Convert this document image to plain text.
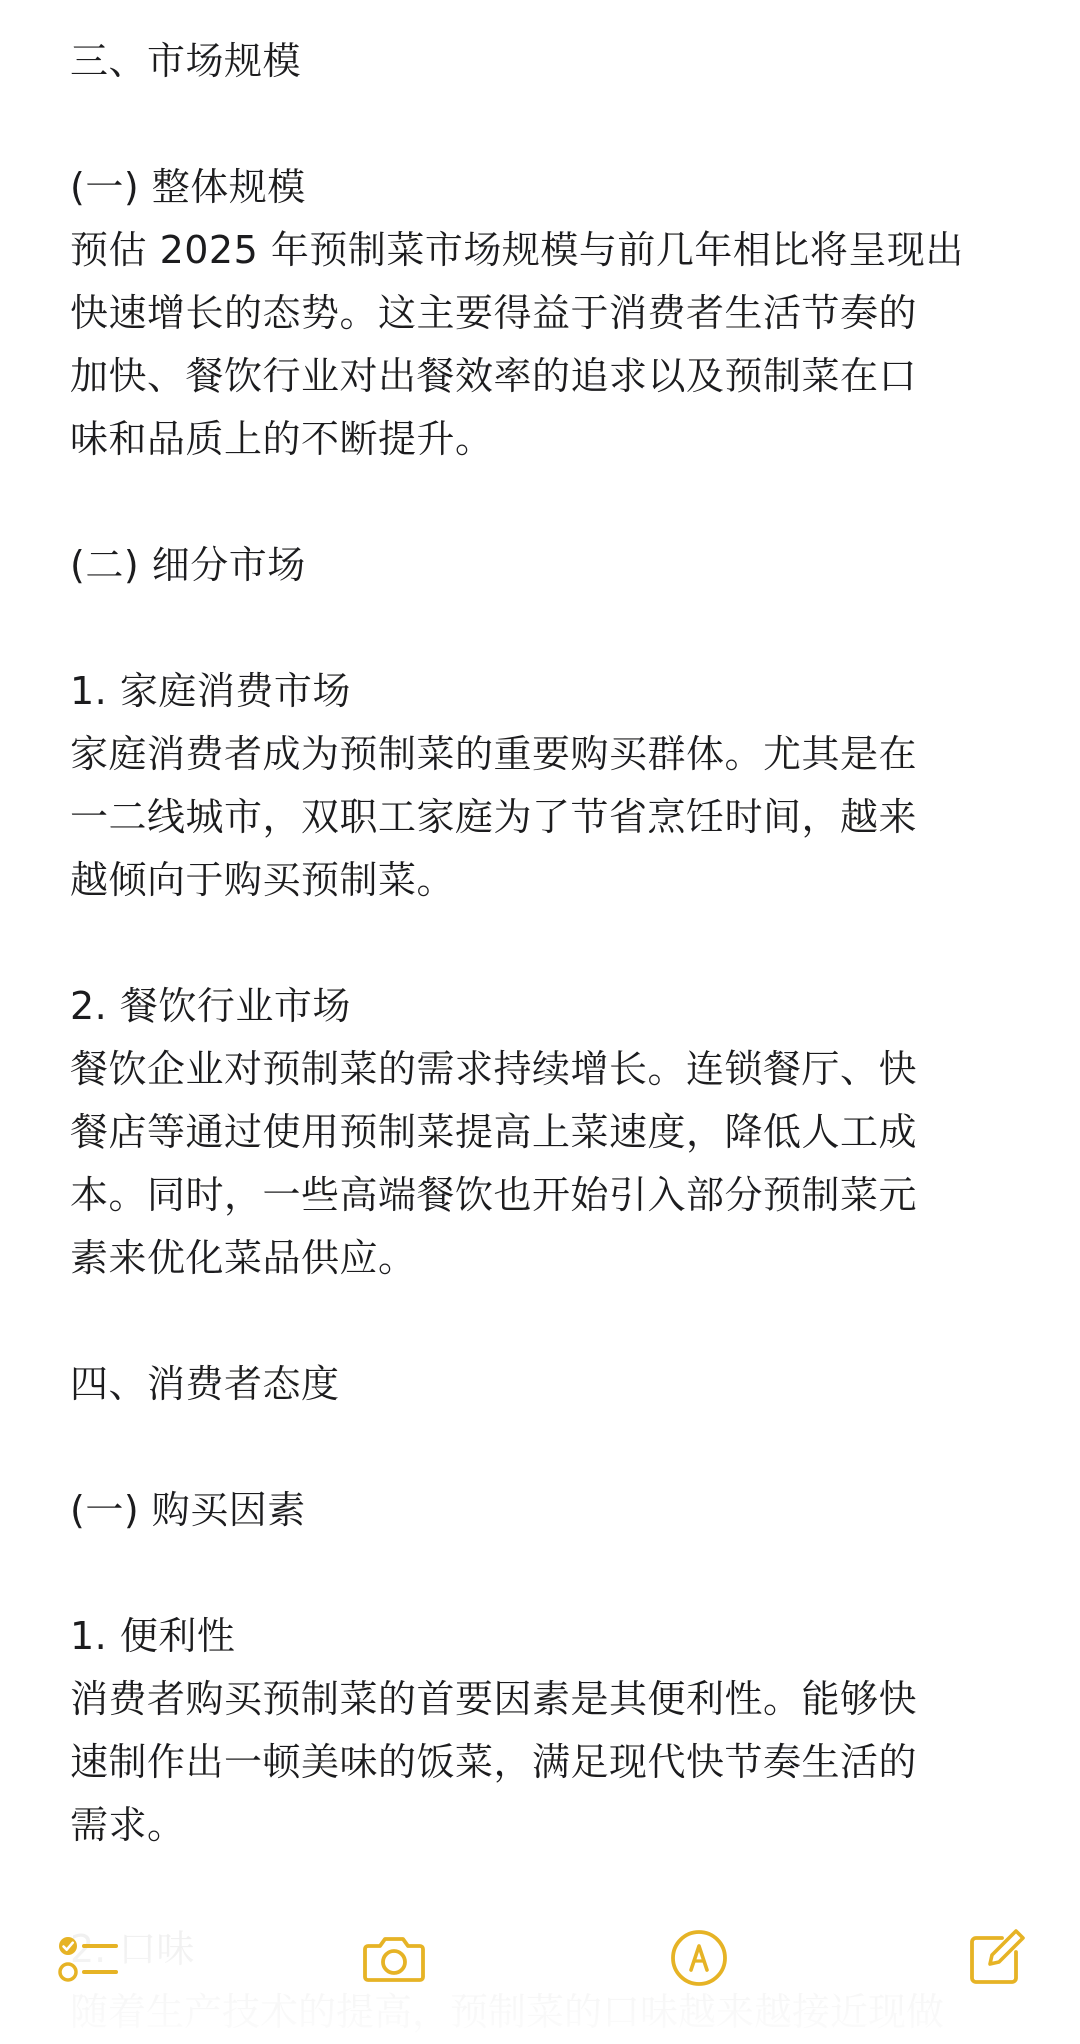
三、市场规模
(一) 整体规模
预估 2025 年预制菜市场规模与前几年相比将呈现出
快速增长的态势。这主要得益于消费者生活节奏的
加快、餐饮行业对出餐效率的追求以及预制菜在口
味和品质上的不断提升。
(二) 细分市场
1. 家庭消费市场
家庭消费者成为预制菜的重要购买群体。尤其是在
一二线城市，双职工家庭为了节省烹饪时间，越来
越倾向于购买预制菜。
2. 餐饮行业市场
餐饮企业对预制菜的需求持续增长。连锁餐厅、快
餐店等通过使用预制菜提高上菜速度，降低人工成
本。同时，一些高端餐饮也开始引入部分预制菜元
素来优化菜品供应。
四、消费者态度
(一) 购买因素
1. 便利性
消费者购买预制菜的首要因素是其便利性。能够快
速制作出一顿美味的饭菜，满足现代快节奏生活的
需求。
